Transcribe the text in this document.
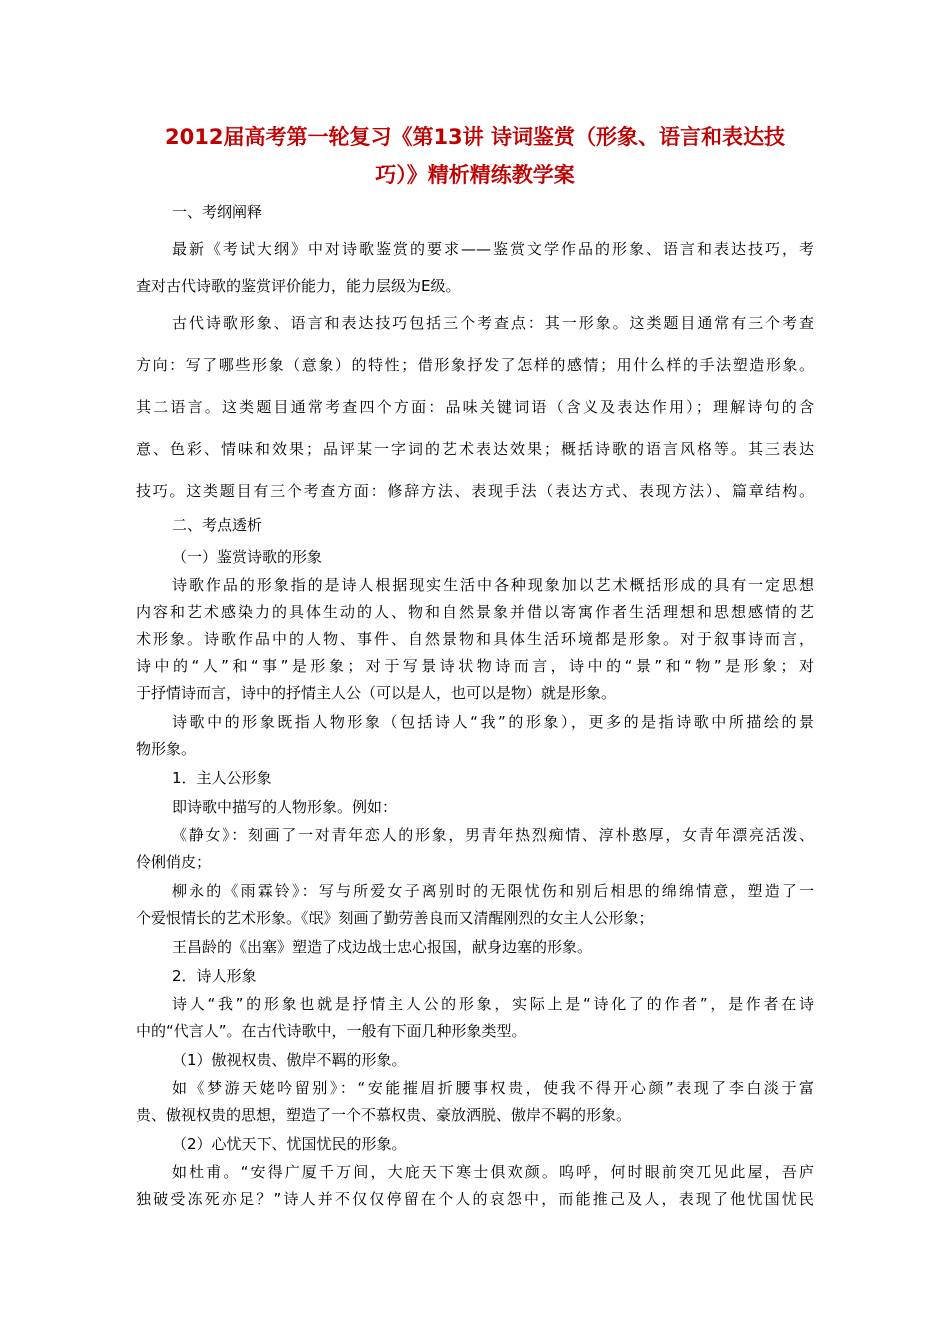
2012届高考第一轮复习《第13讲 诗词鉴赏（形象、语言和表达技
巧）》精析精练教学案
一、考纲阐释
最新《考试大纲》中对诗歌鉴赏的要求——鉴赏文学作品的形象、语言和表达技巧，考
查对古代诗歌的鉴赏评价能力，能力层级为E级。
古代诗歌形象、语言和表达技巧包括三个考查点：其一形象。这类题目通常有三个考查
方向：写了哪些形象（意象）的特性；借形象抒发了怎样的感情；用什么样的手法塑造形象。
其二语言。这类题目通常考查四个方面：品味关键词语（含义及表达作用）；理解诗句的含
意、色彩、情味和效果；品评某一字词的艺术表达效果；概括诗歌的语言风格等。其三表达
技巧。这类题目有三个考查方面：修辞方法、表现手法（表达方式、表现方法）、篇章结构。
二、考点透析
（一）鉴赏诗歌的形象
诗歌作品的形象指的是诗人根据现实生活中各种现象加以艺术概括形成的具有一定思想
内容和艺术感染力的具体生动的人、物和自然景象并借以寄寓作者生活理想和思想感情的艺
术形象。诗歌作品中的人物、事件、自然景物和具体生活环境都是形象。对于叙事诗而言，
诗中的“人”和“事”是形象；对于写景诗状物诗而言，诗中的“景”和“物”是形象；对
于抒情诗而言，诗中的抒情主人公（可以是人，也可以是物）就是形象。
诗歌中的形象既指人物形象（包括诗人“我”的形象），更多的是指诗歌中所描绘的景
物形象。
1．主人公形象
即诗歌中描写的人物形象。例如：
《静女》：刻画了一对青年恋人的形象，男青年热烈痴情、淳朴憨厚，女青年漂亮活泼、
伶俐俏皮；
柳永的《雨霖铃》：写与所爱女子离别时的无限忧伤和别后相思的绵绵情意，塑造了一
个爱恨情长的艺术形象。《氓》刻画了勤劳善良而又清醒刚烈的女主人公形象；
王昌龄的《出塞》塑造了戍边战士忠心报国，献身边塞的形象。
2．诗人形象
诗人“我”的形象也就是抒情主人公的形象，实际上是“诗化了的作者”，是作者在诗
中的“代言人”。在古代诗歌中，一般有下面几种形象类型。
（1）傲视权贵、傲岸不羁的形象。
如《梦游天姥吟留别》：“安能摧眉折腰事权贵，使我不得开心颜”表现了李白淡于富
贵、傲视权贵的思想，塑造了一个不慕权贵、豪放洒脱、傲岸不羁的形象。
（2）心忧天下、忧国忧民的形象。
如杜甫。“安得广厦千万间，大庇天下寒士俱欢颜。呜呼，何时眼前突兀见此屋，吾庐
独破受冻死亦足？”诗人并不仅仅停留在个人的哀怨中，而能推己及人，表现了他忧国忧民
